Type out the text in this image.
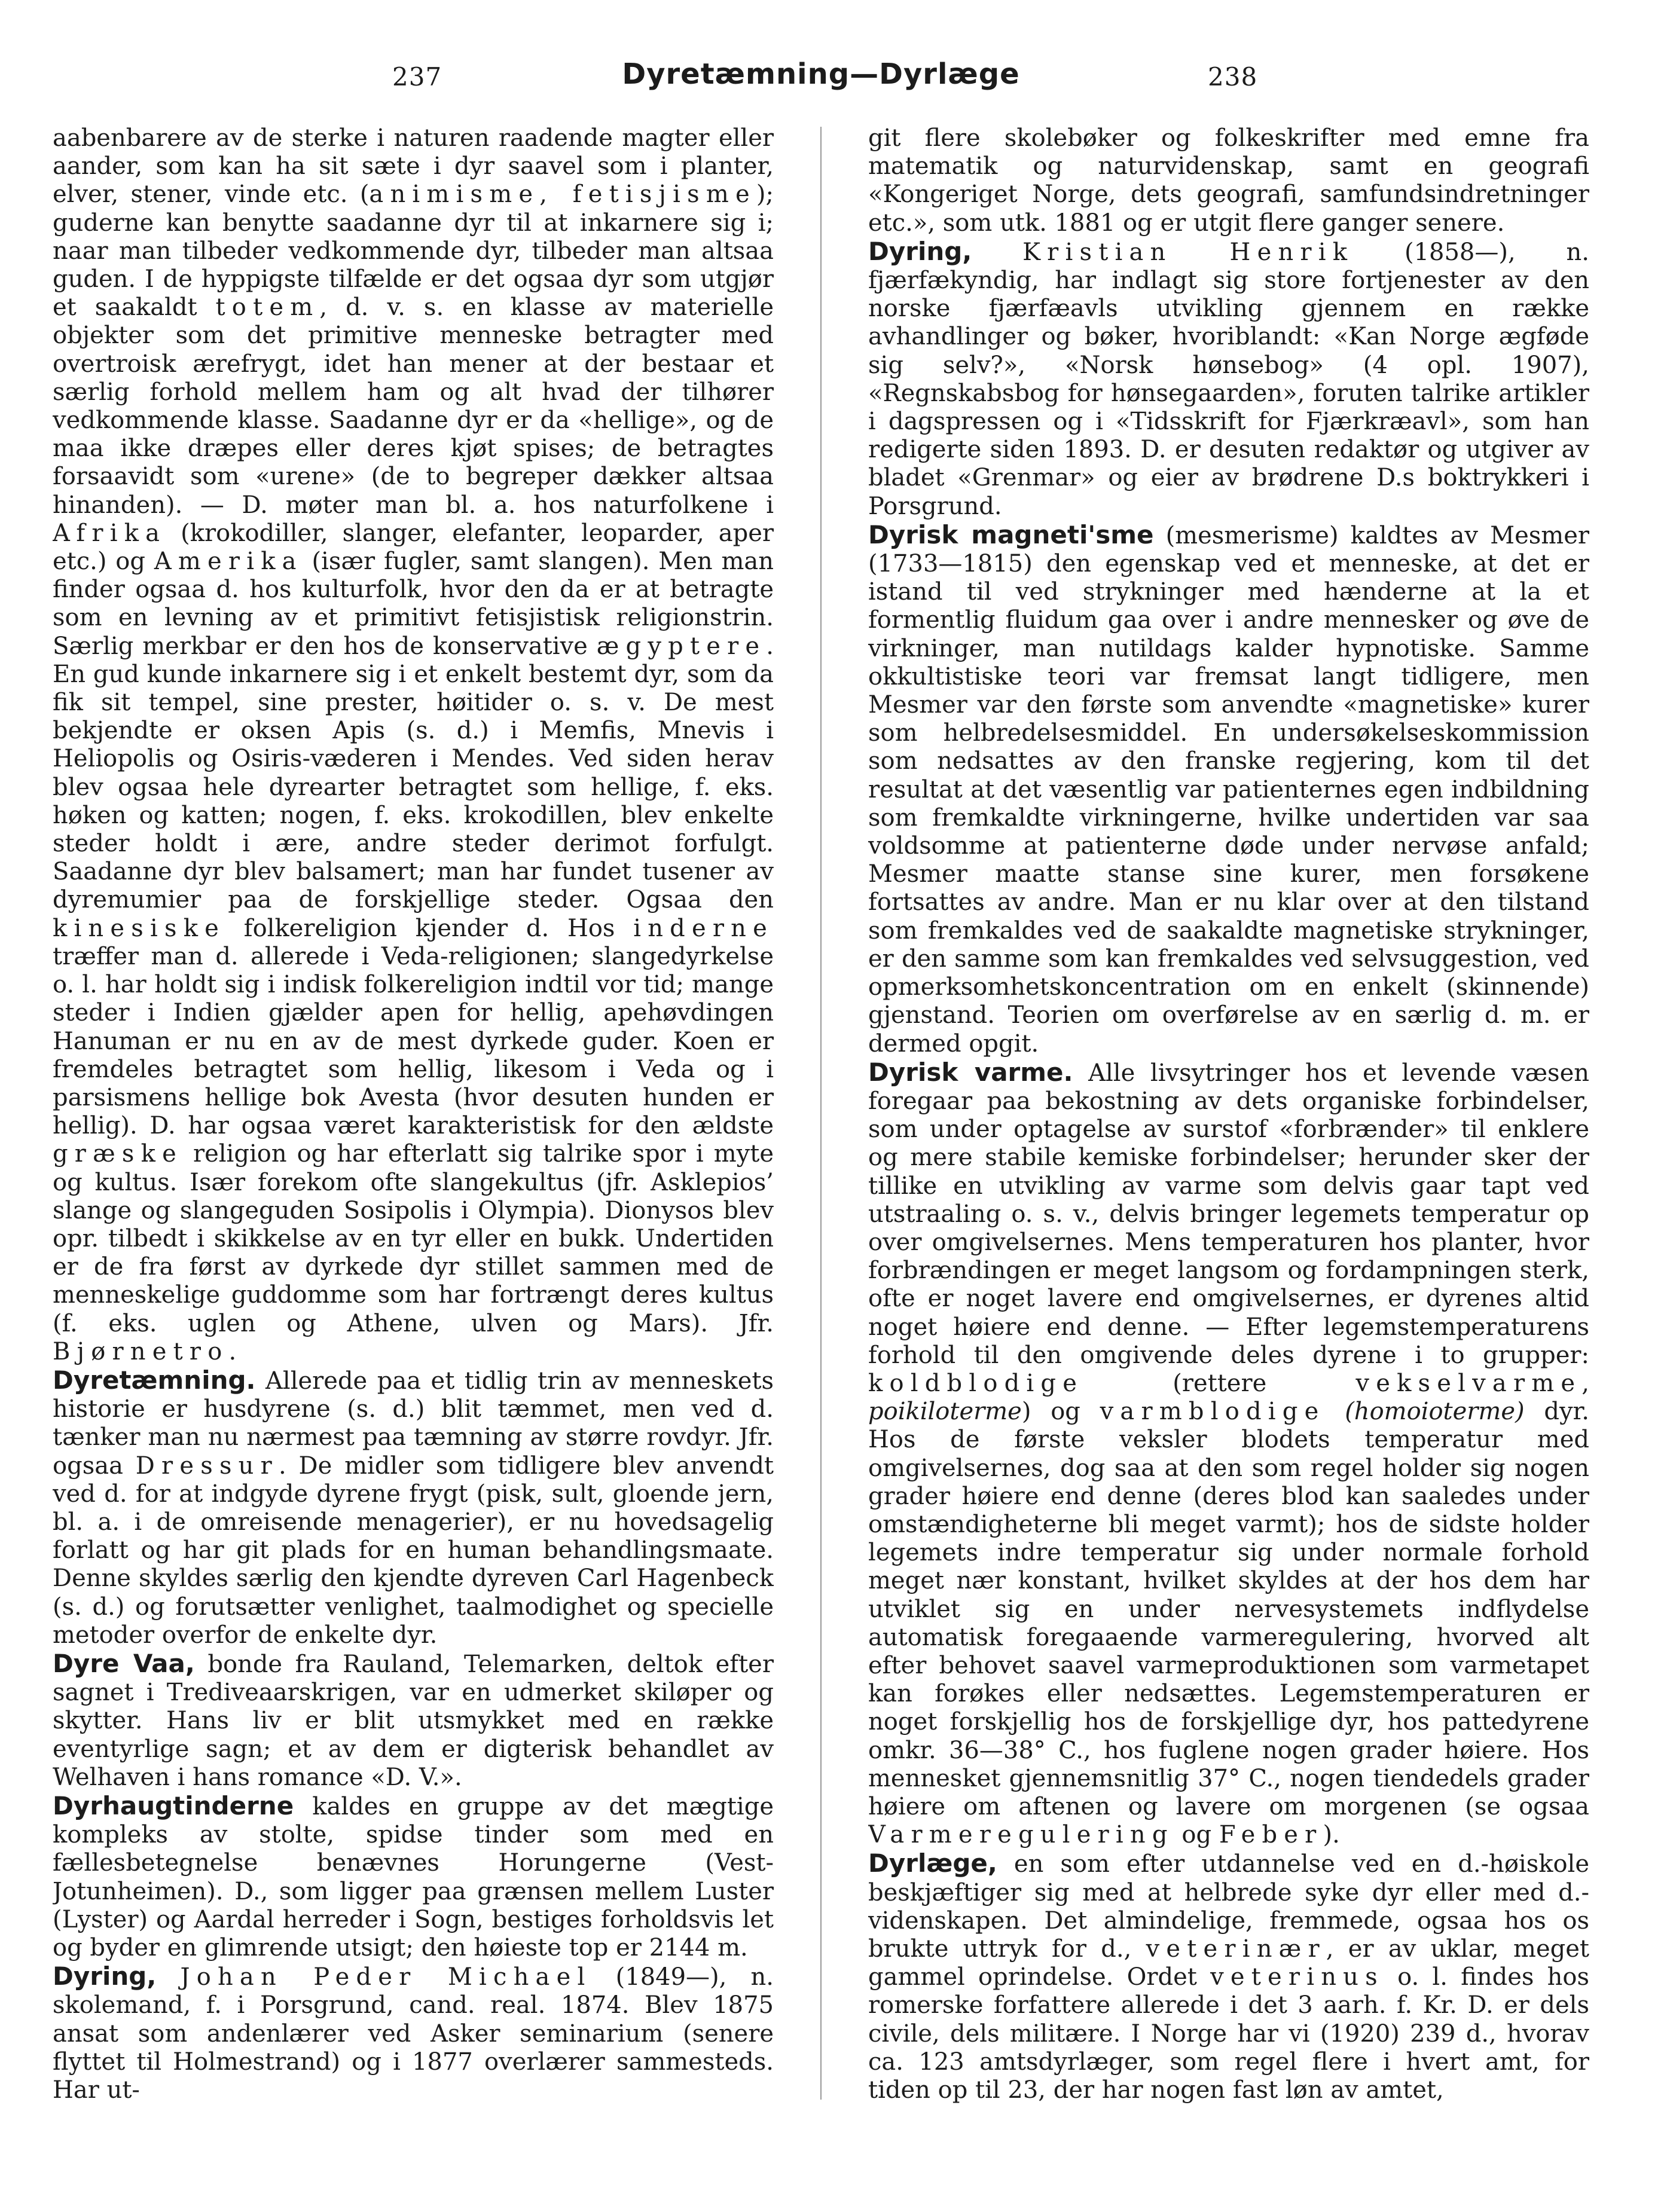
237	Dyretæmning—Dyrlæge	238

aabenbarere av de sterke i naturen raadende magter eller aander, som kan ha sit sæte i dyr saavel som i planter, elver, stener, vinde etc. (animisme, fetisjisme); guderne kan benytte saadanne dyr til at inkarnere sig i; naar man tilbeder vedkommende dyr, tilbeder man altsaa guden. I de hyppigste tilfælde er det ogsaa dyr som utgjør et saakaldt totem, d. v. s. en klasse av materielle objekter som det primitive menneske betragter med overtroisk ærefrygt, idet han mener at der bestaar et særlig forhold mellem ham og alt hvad der tilhører vedkommende klasse. Saadanne dyr er da «hellige», og de maa ikke dræpes eller deres kjøt spises; de betragtes forsaavidt som «urene» (de to begreper dækker altsaa hinanden). — D. møter man bl. a. hos naturfolkene i Afrika (krokodiller, slanger, elefanter, leoparder, aper etc.) og Amerika (især fugler, samt slangen). Men man finder ogsaa d. hos kulturfolk, hvor den da er at betragte som en levning av et primitivt fetisjistisk religionstrin. Særlig merkbar er den hos de konservative ægyptere. En gud kunde inkarnere sig i et enkelt bestemt dyr, som da fik sit tempel, sine prester, høitider o. s. v. De mest bekjendte er oksen Apis (s. d.) i Memfis, Mnevis i Heliopolis og Osiris-væderen i Mendes. Ved siden herav blev ogsaa hele dyrearter betragtet som hellige, f. eks. høken og katten; nogen, f. eks. krokodillen, blev enkelte steder holdt i ære, andre steder derimot forfulgt. Saadanne dyr blev balsamert; man har fundet tusener av dyremumier paa de forskjellige steder. Ogsaa den kinesiske folkereligion kjender d. Hos inderne træffer man d. allerede i Veda-religionen; slangedyrkelse o. l. har holdt sig i indisk folkereligion indtil vor tid; mange steder i Indien gjælder apen for hellig, apehøvdingen Hanuman er nu en av de mest dyrkede guder. Koen er fremdeles betragtet som hellig, likesom i Veda og i parsismens hellige bok Avesta (hvor desuten hunden er hellig). D. har ogsaa været karakteristisk for den ældste græske religion og har efterlatt sig talrike spor i myte og kultus. Især forekom ofte slangekultus (jfr. Asklepios’ slange og slangeguden Sosipolis i Olympia). Dionysos blev opr. tilbedt i skikkelse av en tyr eller en bukk. Undertiden er de fra først av dyrkede dyr stillet sammen med de menneskelige guddomme som har fortrængt deres kultus (f. eks. uglen og Athene, ulven og Mars). Jfr. Bjørnetro.

Dyretæmning. Allerede paa et tidlig trin av menneskets historie er husdyrene (s. d.) blit tæmmet, men ved d. tænker man nu nærmest paa tæmning av større rovdyr. Jfr. ogsaa Dressur. De midler som tidligere blev anvendt ved d. for at indgyde dyrene frygt (pisk, sult, gloende jern, bl. a. i de omreisende menagerier), er nu hovedsagelig forlatt og har git plads for en human behandlingsmaate. Denne skyldes særlig den kjendte dyreven Carl Hagenbeck (s. d.) og forutsætter venlighet, taalmodighet og specielle metoder overfor de enkelte dyr.

Dyre Vaa, bonde fra Rauland, Telemarken, deltok efter sagnet i Trediveaarskrigen, var en udmerket skiløper og skytter. Hans liv er blit utsmykket med en række eventyrlige sagn; et av dem er digterisk behandlet av Welhaven i hans romance «D. V.».

Dyrhaugtinderne kaldes en gruppe av det mægtige kompleks av stolte, spidse tinder som med en fællesbetegnelse benævnes Horungerne (Vest-Jotunheimen). D., som ligger paa grænsen mellem Luster (Lyster) og Aardal herreder i Sogn, bestiges forholdsvis let og byder en glimrende utsigt; den høieste top er 2144 m.

Dyring, Johan Peder Michael (1849—), n. skolemand, f. i Porsgrund, cand. real. 1874. Blev 1875 ansat som andenlærer ved Asker seminarium (senere flyttet til Holmestrand) og i 1877 overlærer sammesteds. Har ut-

git flere skolebøker og folkeskrifter med emne fra matematik og naturvidenskap, samt en geografi «Kongeriget Norge, dets geografi, samfundsindretninger etc.», som utk. 1881 og er utgit flere ganger senere.

Dyring, Kristian Henrik (1858—), n. fjærfækyndig, har indlagt sig store fortjenester av den norske fjærfæavls utvikling gjennem en række avhandlinger og bøker, hvoriblandt: «Kan Norge ægføde sig selv?», «Norsk hønsebog» (4 opl. 1907), «Regnskabsbog for hønsegaarden», foruten talrike artikler i dagspressen og i «Tidsskrift for Fjærkræavl», som han redigerte siden 1893. D. er desuten redaktør og utgiver av bladet «Grenmar» og eier av brødrene D.s boktrykkeri i Porsgrund.

Dyrisk magneti'sme (mesmerisme) kaldtes av Mesmer (1733—1815) den egenskap ved et menneske, at det er istand til ved strykninger med hænderne at la et formentlig fluidum gaa over i andre mennesker og øve de virkninger, man nutildags kalder hypnotiske. Samme okkultistiske teori var fremsat langt tidligere, men Mesmer var den første som anvendte «magnetiske» kurer som helbredelsesmiddel. En undersøkelseskommission som nedsattes av den franske regjering, kom til det resultat at det væsentlig var patienternes egen indbildning som fremkaldte virkningerne, hvilke undertiden var saa voldsomme at patienterne døde under nervøse anfald; Mesmer maatte stanse sine kurer, men forsøkene fortsattes av andre. Man er nu klar over at den tilstand som fremkaldes ved de saakaldte magnetiske strykninger, er den samme som kan fremkaldes ved selvsuggestion, ved opmerksomhetskoncentration om en enkelt (skinnende) gjenstand. Teorien om overførelse av en særlig d. m. er dermed opgit.

Dyrisk varme. Alle livsytringer hos et levende væsen foregaar paa bekostning av dets organiske forbindelser, som under optagelse av surstof «forbrænder» til enklere og mere stabile kemiske forbindelser; herunder sker der tillike en utvikling av varme som delvis gaar tapt ved utstraaling o. s. v., delvis bringer legemets temperatur op over omgivelsernes. Mens temperaturen hos planter, hvor forbrændingen er meget langsom og fordampningen sterk, ofte er noget lavere end omgivelsernes, er dyrenes altid noget høiere end denne. — Efter legemstemperaturens forhold til den omgivende deles dyrene i to grupper: koldblodige (rettere vekselvarme, poikiloterme) og varmblodige (homoioterme) dyr. Hos de første veksler blodets temperatur med omgivelsernes, dog saa at den som regel holder sig nogen grader høiere end denne (deres blod kan saaledes under omstændigheterne bli meget varmt); hos de sidste holder legemets indre temperatur sig under normale forhold meget nær konstant, hvilket skyldes at der hos dem har utviklet sig en under nervesystemets indflydelse automatisk foregaaende varmeregulering, hvorved alt efter behovet saavel varmeproduktionen som varmetapet kan forøkes eller nedsættes. Legemstemperaturen er noget forskjellig hos de forskjellige dyr, hos pattedyrene omkr. 36—38° C., hos fuglene nogen grader høiere. Hos mennesket gjennemsnitlig 37° C., nogen tiendedels grader høiere om aftenen og lavere om morgenen (se ogsaa Varmeregulering og Feber).

Dyrlæge, en som efter utdannelse ved en d.-høiskole beskjæftiger sig med at helbrede syke dyr eller med d.-videnskapen. Det almindelige, fremmede, ogsaa hos os brukte uttryk for d., veterinær, er av uklar, meget gammel oprindelse. Ordet veterinus o. l. findes hos romerske forfattere allerede i det 3 aarh. f. Kr. D. er dels civile, dels militære. I Norge har vi (1920) 239 d., hvorav ca. 123 amtsdyrlæger, som regel flere i hvert amt, for tiden op til 23, der har nogen fast løn av amtet,
